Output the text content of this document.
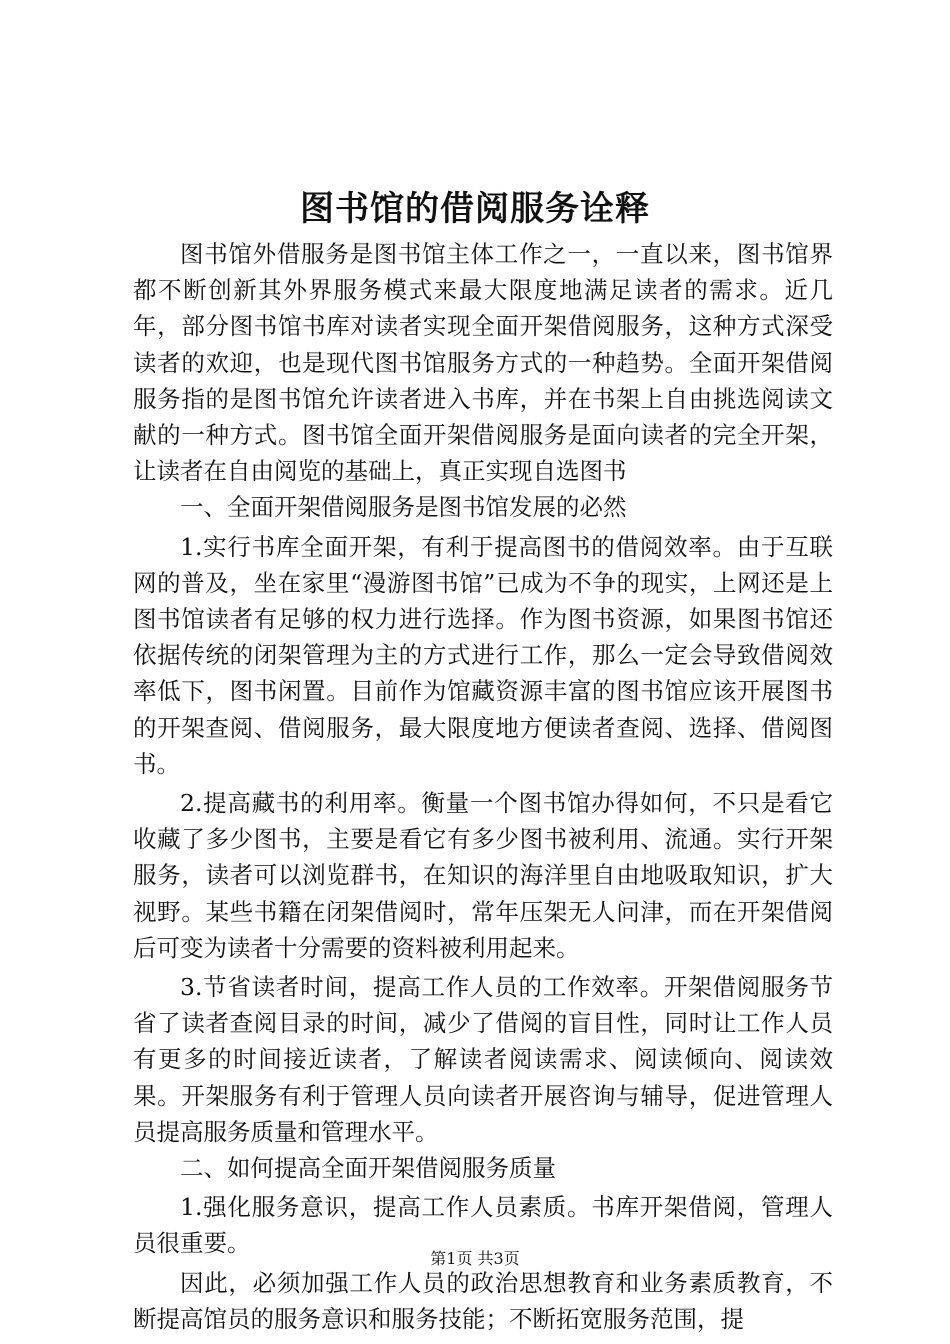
图书馆的借阅服务诠释

图书馆外借服务是图书馆主体工作之一，一直以来，图书馆界都不断创新其外界服务模式来最大限度地满足读者的需求。近几年，部分图书馆书库对读者实现全面开架借阅服务，这种方式深受读者的欢迎，也是现代图书馆服务方式的一种趋势。全面开架借阅服务指的是图书馆允许读者进入书库，并在书架上自由挑选阅读文献的一种方式。图书馆全面开架借阅服务是面向读者的完全开架，让读者在自由阅览的基础上，真正实现自选图书

一、全面开架借阅服务是图书馆发展的必然

1.实行书库全面开架，有利于提高图书的借阅效率。由于互联网的普及，坐在家里“漫游图书馆”已成为不争的现实，上网还是上图书馆读者有足够的权力进行选择。作为图书资源，如果图书馆还依据传统的闭架管理为主的方式进行工作，那么一定会导致借阅效率低下，图书闲置。目前作为馆藏资源丰富的图书馆应该开展图书的开架查阅、借阅服务，最大限度地方便读者查阅、选择、借阅图书。

2.提高藏书的利用率。衡量一个图书馆办得如何，不只是看它收藏了多少图书，主要是看它有多少图书被利用、流通。实行开架服务，读者可以浏览群书，在知识的海洋里自由地吸取知识，扩大视野。某些书籍在闭架借阅时，常年压架无人问津，而在开架借阅后可变为读者十分需要的资料被利用起来。

3.节省读者时间，提高工作人员的工作效率。开架借阅服务节省了读者查阅目录的时间，减少了借阅的盲目性，同时让工作人员有更多的时间接近读者，了解读者阅读需求、阅读倾向、阅读效果。开架服务有利于管理人员向读者开展咨询与辅导，促进管理人员提高服务质量和管理水平。

二、如何提高全面开架借阅服务质量

1.强化服务意识，提高工作人员素质。书库开架借阅，管理人员很重要。

因此，必须加强工作人员的政治思想教育和业务素质教育，不断提高馆员的服务意识和服务技能；不断拓宽服务范围，提

第1页 共3页
